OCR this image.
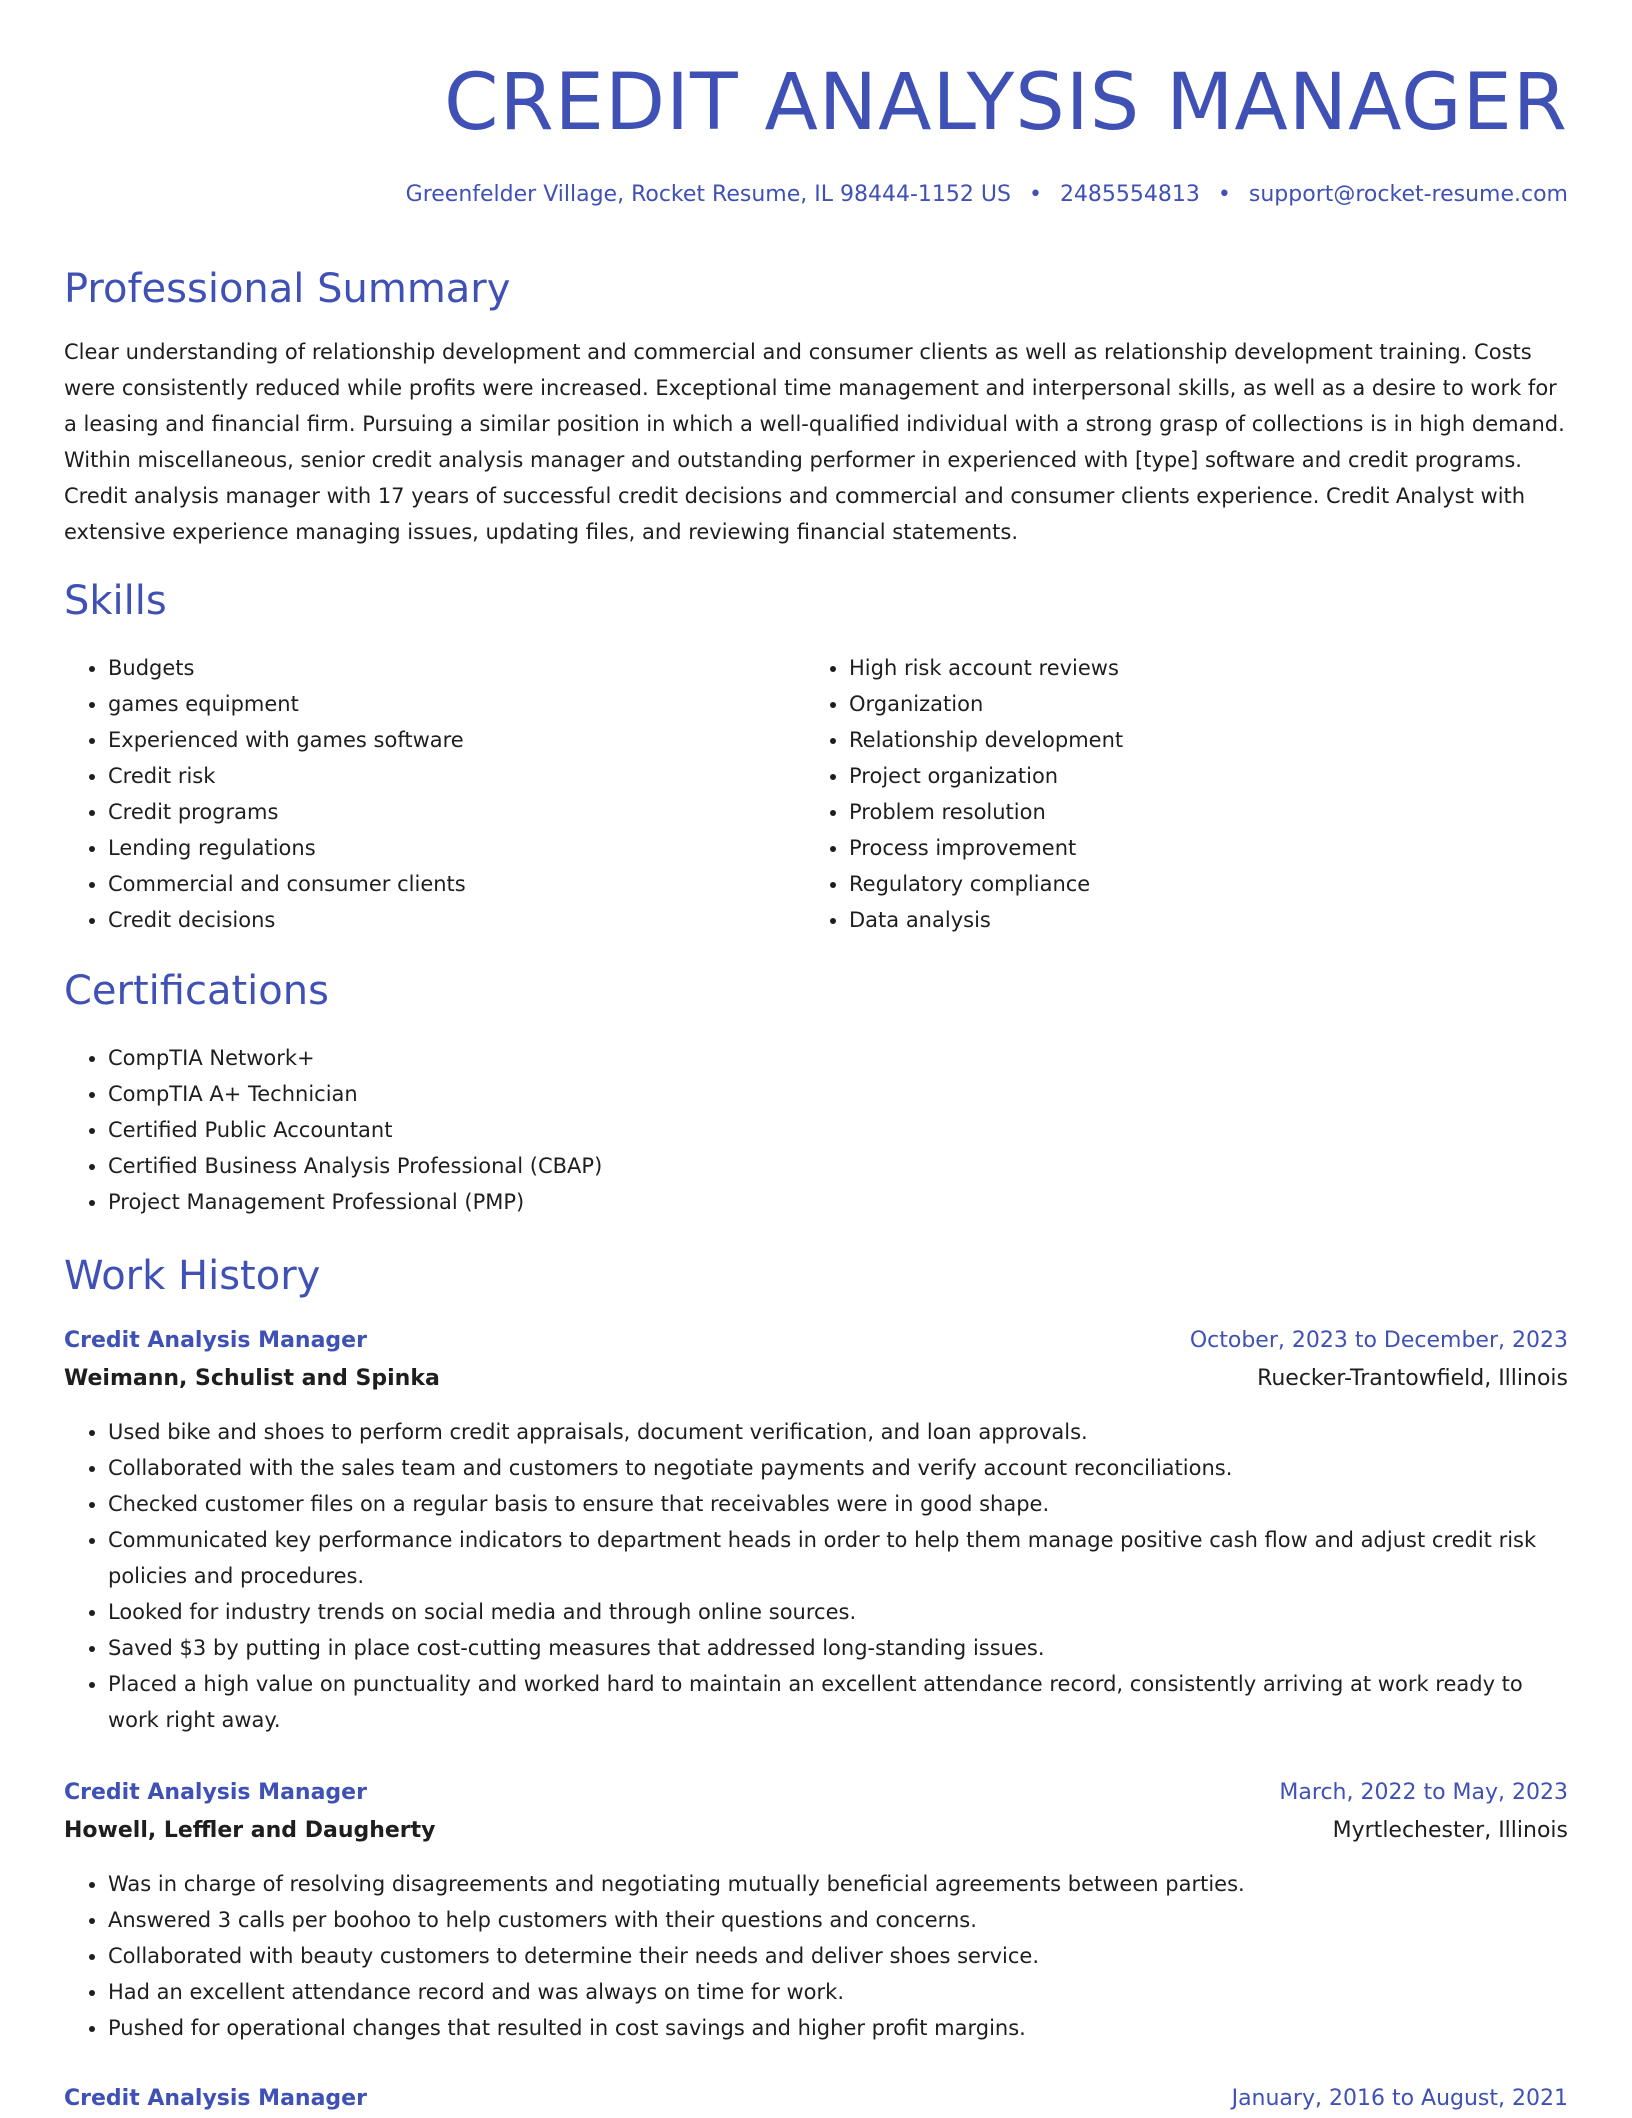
CREDIT ANALYSIS MANAGER
Greenfelder Village, Rocket Resume, IL 98444-1152 US • 2485554813 • support@rocket-resume.com
Professional Summary

Clear understanding of relationship development and commercial and consumer clients as well as relationship development training. Costs were consistently reduced while profits were increased. Exceptional time management and interpersonal skills, as well as a desire to work for a leasing and financial firm. Pursuing a similar position in which a well-qualified individual with a strong grasp of collections is in high demand. Within miscellaneous, senior credit analysis manager and outstanding performer in experienced with [type] software and credit programs. Credit analysis manager with 17 years of successful credit decisions and commercial and consumer clients experience. Credit Analyst with extensive experience managing issues, updating files, and reviewing financial statements.

Skills
• Budgets
• games equipment
• Experienced with games software
• Credit risk
• Credit programs
• Lending regulations
• Commercial and consumer clients
• Credit decisions
• High risk account reviews
• Organization
• Relationship development
• Project organization
• Problem resolution
• Process improvement
• Regulatory compliance
• Data analysis
Certifications
• CompTIA Network+
• CompTIA A+ Technician
• Certified Public Accountant
• Certified Business Analysis Professional (CBAP)
• Project Management Professional (PMP)
Work History
Credit Analysis Manager	October, 2023 to December, 2023
Weimann, Schulist and Spinka	Ruecker-Trantowfield, Illinois
• Used bike and shoes to perform credit appraisals, document verification, and loan approvals.
• Collaborated with the sales team and customers to negotiate payments and verify account reconciliations.
• Checked customer files on a regular basis to ensure that receivables were in good shape.
• Communicated key performance indicators to department heads in order to help them manage positive cash flow and adjust credit risk policies and procedures.
• Looked for industry trends on social media and through online sources.
• Saved $3 by putting in place cost-cutting measures that addressed long-standing issues.
• Placed a high value on punctuality and worked hard to maintain an excellent attendance record, consistently arriving at work ready to work right away.
Credit Analysis Manager	March, 2022 to May, 2023
Howell, Leffler and Daugherty	Myrtlechester, Illinois
• Was in charge of resolving disagreements and negotiating mutually beneficial agreements between parties.
• Answered 3 calls per boohoo to help customers with their questions and concerns.
• Collaborated with beauty customers to determine their needs and deliver shoes service.
• Had an excellent attendance record and was always on time for work.
• Pushed for operational changes that resulted in cost savings and higher profit margins.
Credit Analysis Manager	January, 2016 to August, 2021
